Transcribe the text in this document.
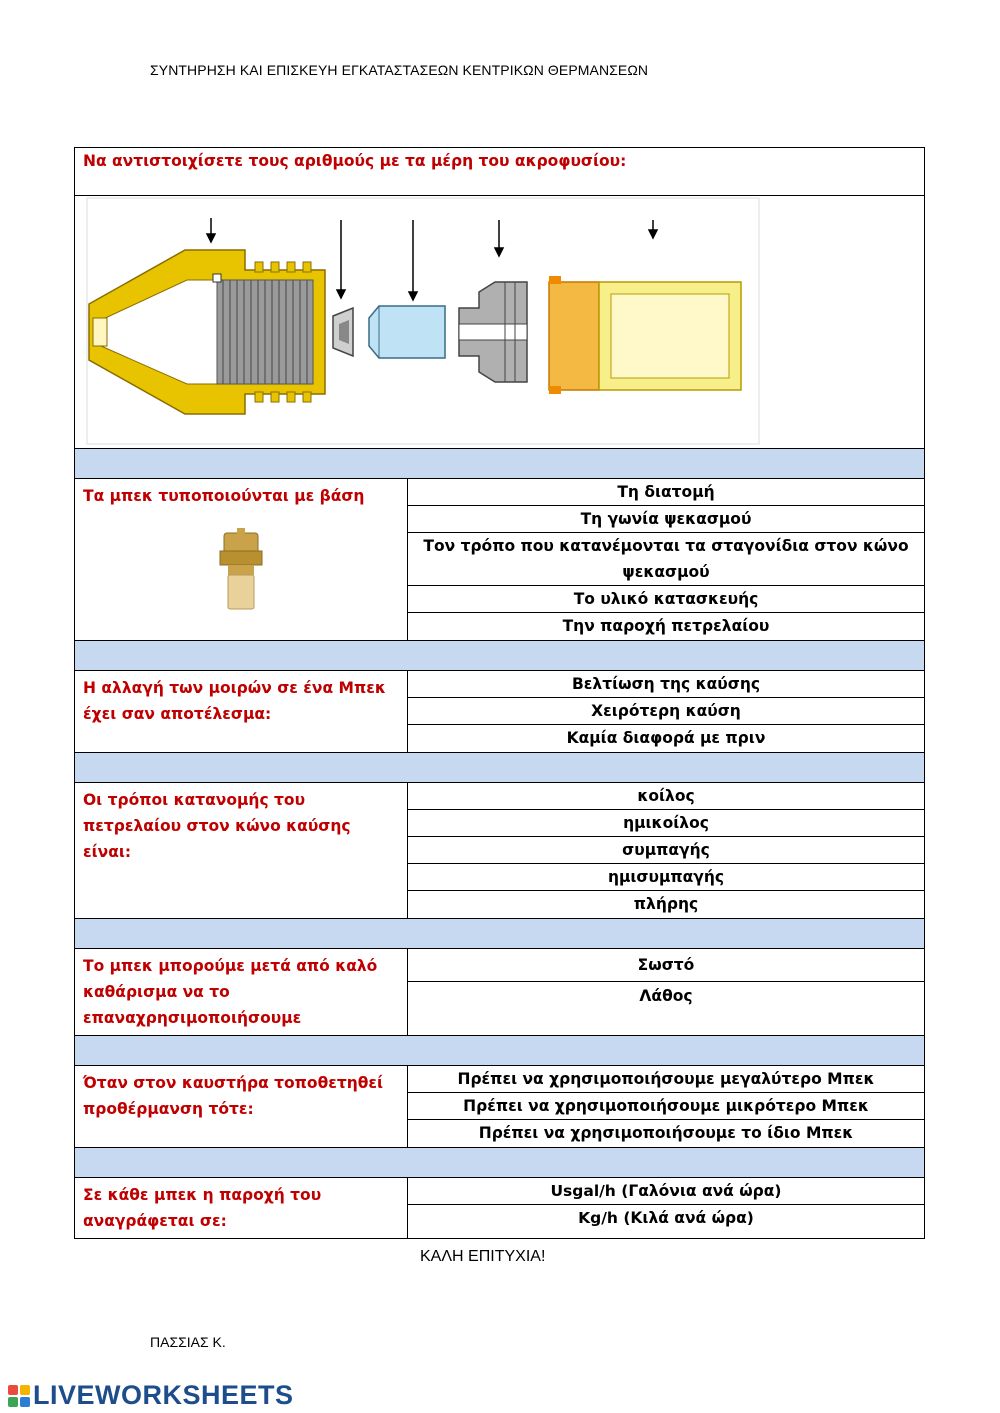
ΣΥΝΤΗΡΗΣΗ ΚΑΙ ΕΠΙΣΚΕΥΗ ΕΓΚΑΤΑΣΤΑΣΕΩΝ ΚΕΝΤΡΙΚΩΝ ΘΕΡΜΑΝΣΕΩΝ
Να αντιστοιχίσετε τους αριθμούς με τα μέρη του ακροφυσίου:
Τα μπεκ τυποποιούνται με βάση	Τη διατομή
Τη γωνία ψεκασμού
Τον τρόπο που κατανέμονται τα σταγονίδια στον κώνο ψεκασμού
Το υλικό κατασκευής
Την παροχή πετρελαίου
Η αλλαγή των μοιρών σε ένα Μπεκ έχει σαν αποτέλεσμα:
Βελτίωση της καύσης
Χειρότερη καύση
Καμία διαφορά με πριν
Οι τρόποι κατανομής του πετρελαίου στον κώνο καύσης είναι:
κοίλος
ημικοίλος
συμπαγής
ημισυμπαγής
πλήρης
Το μπεκ μπορούμε μετά από καλό καθάρισμα να το επαναχρησιμοποιήσουμε
Σωστό
Λάθος
Όταν στον καυστήρα τοποθετηθεί προθέρμανση τότε:
Πρέπει να χρησιμοποιήσουμε μεγαλύτερο Μπεκ
Πρέπει να χρησιμοποιήσουμε μικρότερο Μπεκ
Πρέπει να χρησιμοποιήσουμε το ίδιο Μπεκ
Σε κάθε μπεκ η παροχή του αναγράφεται σε:
Usgal/h (Γαλόνια ανά ώρα)
Kg/h (Κιλά ανά ώρα)
ΚΑΛΗ ΕΠΙΤΥΧΙΑ!
ΠΑΣΣΙΑΣ Κ.
LIVEWORKSHEETS
